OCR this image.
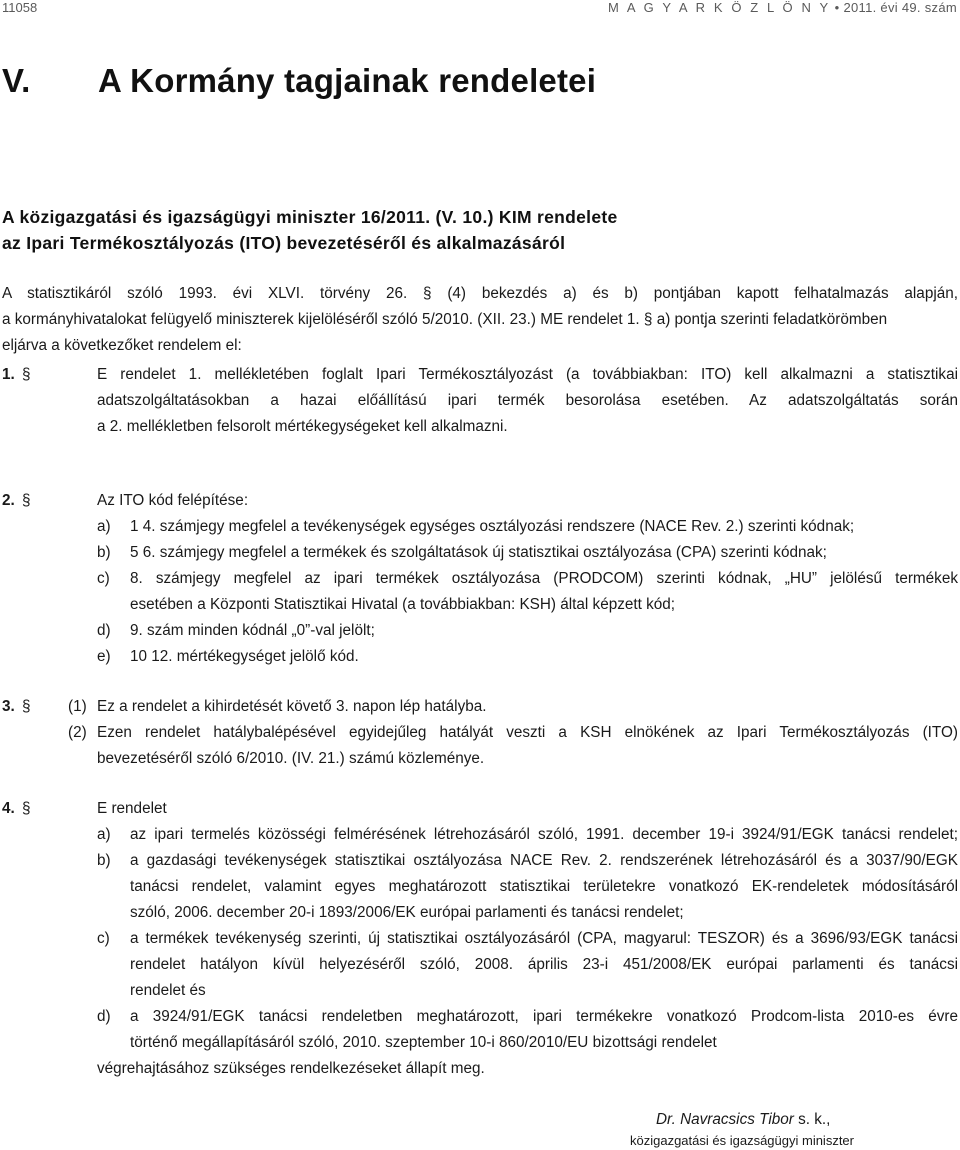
11058	M A G Y A R K Ö Z L Ö N Y • 2011. évi 49. szám
V. A Kormány tagjainak rendeletei
A közigazgatási és igazságügyi miniszter 16/2011. (V. 10.) KIM rendelete
az Ipari Termékosztályozás (ITO) bevezetéséről és alkalmazásáról
A statisztikáról szóló 1993. évi XLVI. törvény 26. § (4) bekezdés a) és b) pontjában kapott felhatalmazás alapján,
a kormányhivatalokat felügyelő miniszterek kijelöléséről szóló 5/2010. (XII. 23.) ME rendelet 1. § a) pontja szerinti feladatkörömben
eljárva a következőket rendelem el:
1. §	E rendelet 1. mellékletében foglalt Ipari Termékosztályozást (a továbbiakban: ITO) kell alkalmazni a statisztikai
adatszolgáltatásokban a hazai előállítású ipari termék besorolása esetében. Az adatszolgáltatás során
a 2. mellékletben felsorolt mértékegységeket kell alkalmazni.
2. §	Az ITO kód felépítése:
a) 1 4. számjegy megfelel a tevékenységek egységes osztályozási rendszere (NACE Rev. 2.) szerinti kódnak;
b) 5 6. számjegy megfelel a termékek és szolgáltatások új statisztikai osztályozása (CPA) szerinti kódnak;
c) 8. számjegy megfelel az ipari termékek osztályozása (PRODCOM) szerinti kódnak, „HU” jelölésű termékek
esetében a Központi Statisztikai Hivatal (a továbbiakban: KSH) által képzett kód;
d) 9. szám minden kódnál „0”-val jelölt;
e) 10 12. mértékegységet jelölő kód.
3. § (1) Ez a rendelet a kihirdetését követő 3. napon lép hatályba.
(2) Ezen rendelet hatálybalépésével egyidejűleg hatályát veszti a KSH elnökének az Ipari Termékosztályozás (ITO)
bevezetéséről szóló 6/2010. (IV. 21.) számú közleménye.
4. §	E rendelet
a) az ipari termelés közösségi felmérésének létrehozásáról szóló, 1991. december 19-i 3924/91/EGK tanácsi rendelet;
b) a gazdasági tevékenységek statisztikai osztályozása NACE Rev. 2. rendszerének létrehozásáról és a 3037/90/EGK
tanácsi rendelet, valamint egyes meghatározott statisztikai területekre vonatkozó EK-rendeletek módosításáról
szóló, 2006. december 20-i 1893/2006/EK európai parlamenti és tanácsi rendelet;
c) a termékek tevékenység szerinti, új statisztikai osztályozásáról (CPA, magyarul: TESZOR) és a 3696/93/EGK tanácsi
rendelet hatályon kívül helyezéséről szóló, 2008. április 23-i 451/2008/EK európai parlamenti és tanácsi
rendelet és
d) a 3924/91/EGK tanácsi rendeletben meghatározott, ipari termékekre vonatkozó Prodcom-lista 2010-es évre
történő megállapításáról szóló, 2010. szeptember 10-i 860/2010/EU bizottsági rendelet
végrehajtásához szükséges rendelkezéseket állapít meg.
Dr. Navracsics Tibor s. k.,
közigazgatási és igazságügyi miniszter
